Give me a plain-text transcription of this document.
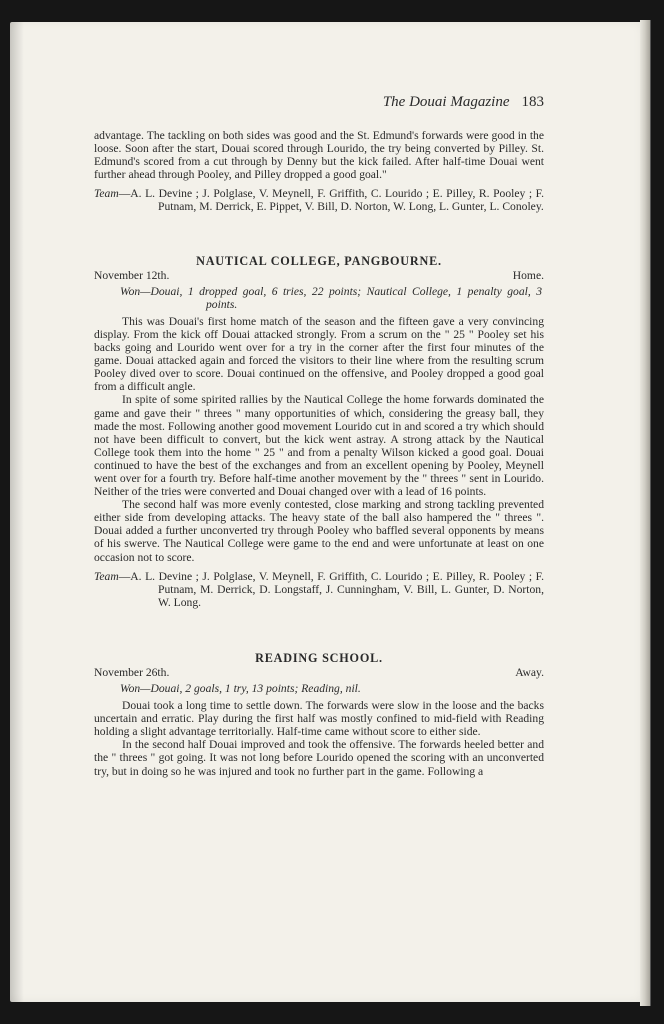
The Douai Magazine 183

advantage. The tackling on both sides was good and the St. Edmund's forwards were good in the loose. Soon after the start, Douai scored through Lourido, the try being converted by Pilley. St. Edmund's scored from a cut through by Denny but the kick failed. After half-time Douai went further ahead through Pooley, and Pilley dropped a good goal."

Team—A. L. Devine ; J. Polglase, V. Meynell, F. Griffith, C. Lourido ; E. Pilley, R. Pooley ; F. Putnam, M. Derrick, E. Pippet, V. Bill, D. Norton, W. Long, L. Gunter, L. Conoley.

NAUTICAL COLLEGE, PANGBOURNE.
November 12th.	Home.

Won—Douai, 1 dropped goal, 6 tries, 22 points; Nautical College, 1 penalty goal, 3 points.

This was Douai's first home match of the season and the fifteen gave a very convincing display. From the kick off Douai attacked strongly. From a scrum on the " 25 " Pooley set his backs going and Lourido went over for a try in the corner after the first four minutes of the game. Douai attacked again and forced the visitors to their line where from the resulting scrum Pooley dived over to score. Douai continued on the offensive, and Pooley dropped a good goal from a difficult angle.

In spite of some spirited rallies by the Nautical College the home forwards dominated the game and gave their " threes " many opportunities of which, considering the greasy ball, they made the most. Following another good movement Lourido cut in and scored a try which should not have been difficult to convert, but the kick went astray. A strong attack by the Nautical College took them into the home " 25 " and from a penalty Wilson kicked a good goal. Douai continued to have the best of the exchanges and from an excellent opening by Pooley, Meynell went over for a fourth try. Before half-time another movement by the " threes " sent in Lourido. Neither of the tries were converted and Douai changed over with a lead of 16 points.

The second half was more evenly contested, close marking and strong tackling prevented either side from developing attacks. The heavy state of the ball also hampered the " threes ". Douai added a further unconverted try through Pooley who baffled several opponents by means of his swerve. The Nautical College were game to the end and were unfortunate at least on one occasion not to score.

Team—A. L. Devine ; J. Polglase, V. Meynell, F. Griffith, C. Lourido ; E. Pilley, R. Pooley ; F. Putnam, M. Derrick, D. Longstaff, J. Cunningham, V. Bill, L. Gunter, D. Norton, W. Long.

READING SCHOOL.
November 26th.	Away.

Won—Douai, 2 goals, 1 try, 13 points; Reading, nil.

Douai took a long time to settle down. The forwards were slow in the loose and the backs uncertain and erratic. Play during the first half was mostly confined to mid-field with Reading holding a slight advantage territorially. Half-time came without score to either side.

In the second half Douai improved and took the offensive. The forwards heeled better and the " threes " got going. It was not long before Lourido opened the scoring with an unconverted try, but in doing so he was injured and took no further part in the game. Following a
